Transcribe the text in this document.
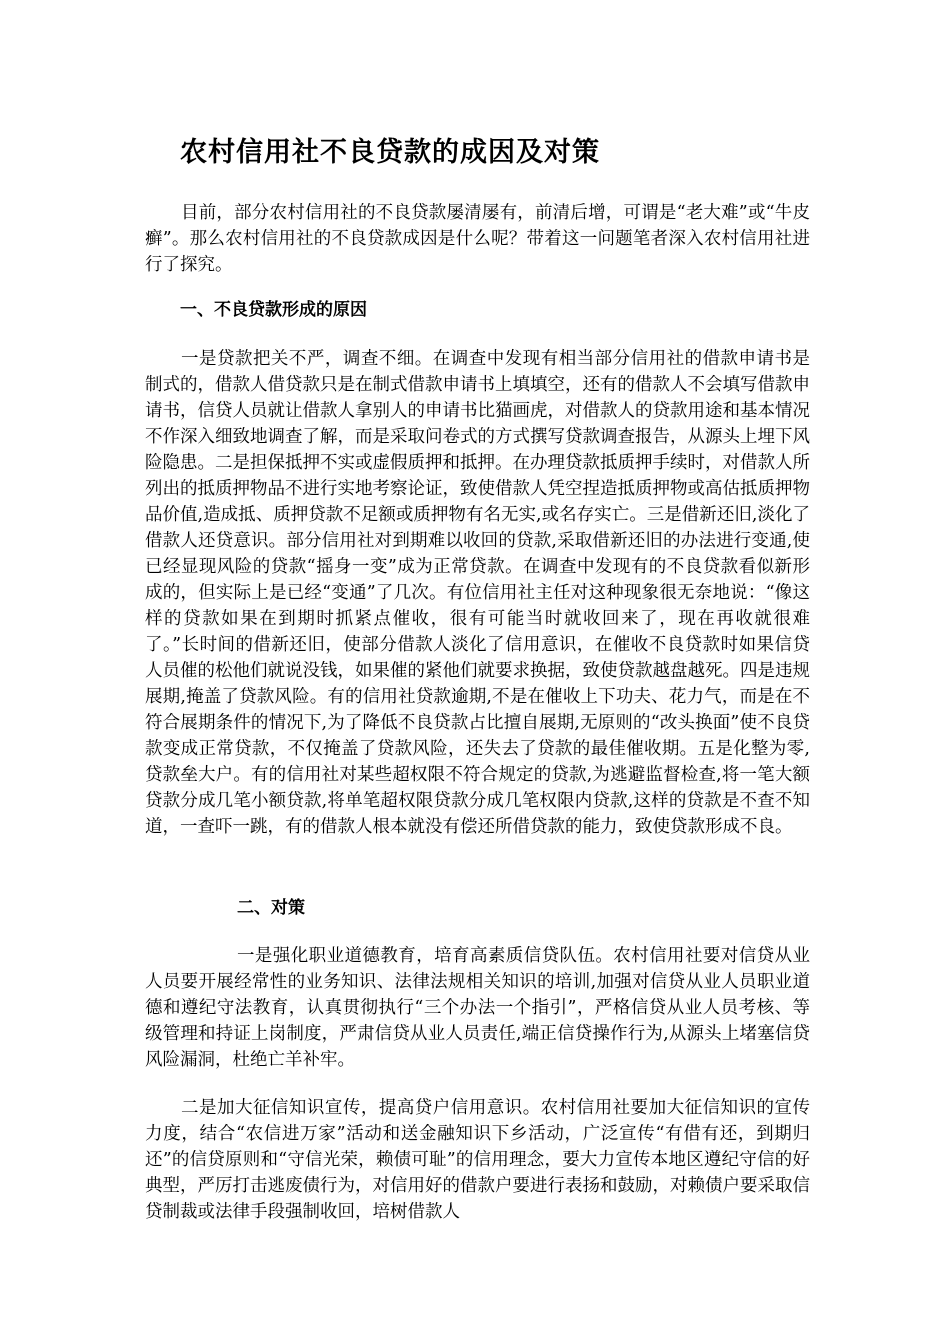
农村信用社不良贷款的成因及对策

目前，部分农村信用社的不良贷款屡清屡有，前清后增，可谓是“老大难”或“牛皮癣”。那么农村信用社的不良贷款成因是什么呢？带着这一问题笔者深入农村信用社进行了探究。

一、不良贷款形成的原因

一是贷款把关不严，调查不细。在调查中发现有相当部分信用社的借款申请书是制式的，借款人借贷款只是在制式借款申请书上填填空，还有的借款人不会填写借款申请书，信贷人员就让借款人拿别人的申请书比猫画虎，对借款人的贷款用途和基本情况不作深入细致地调查了解，而是采取问卷式的方式撰写贷款调查报告，从源头上埋下风险隐患。二是担保抵押不实或虚假质押和抵押。在办理贷款抵质押手续时，对借款人所列出的抵质押物品不进行实地考察论证，致使借款人凭空捏造抵质押物或高估抵质押物品价值,造成抵、质押贷款不足额或质押物有名无实,或名存实亡。三是借新还旧,淡化了借款人还贷意识。部分信用社对到期难以收回的贷款,采取借新还旧的办法进行变通,使已经显现风险的贷款“摇身一变”成为正常贷款。在调查中发现有的不良贷款看似新形成的，但实际上是已经“变通”了几次。有位信用社主任对这种现象很无奈地说：“像这样的贷款如果在到期时抓紧点催收，很有可能当时就收回来了，现在再收就很难了。”长时间的借新还旧，使部分借款人淡化了信用意识，在催收不良贷款时如果信贷人员催的松他们就说没钱，如果催的紧他们就要求换据，致使贷款越盘越死。四是违规展期,掩盖了贷款风险。有的信用社贷款逾期,不是在催收上下功夫、花力气，而是在不符合展期条件的情况下,为了降低不良贷款占比擅自展期,无原则的“改头换面”使不良贷款变成正常贷款，不仅掩盖了贷款风险，还失去了贷款的最佳催收期。五是化整为零,贷款垒大户。有的信用社对某些超权限不符合规定的贷款,为逃避监督检查,将一笔大额贷款分成几笔小额贷款,将单笔超权限贷款分成几笔权限内贷款,这样的贷款是不查不知道，一查吓一跳，有的借款人根本就没有偿还所借贷款的能力，致使贷款形成不良。

二、对策

一是强化职业道德教育，培育高素质信贷队伍。农村信用社要对信贷从业人员要开展经常性的业务知识、法律法规相关知识的培训,加强对信贷从业人员职业道德和遵纪守法教育，认真贯彻执行“三个办法一个指引”，严格信贷从业人员考核、等级管理和持证上岗制度，严肃信贷从业人员责任,端正信贷操作行为,从源头上堵塞信贷风险漏洞，杜绝亡羊补牢。

二是加大征信知识宣传，提高贷户信用意识。农村信用社要加大征信知识的宣传力度，结合“农信进万家”活动和送金融知识下乡活动，广泛宣传“有借有还，到期归还”的信贷原则和“守信光荣，赖债可耻”的信用理念，要大力宣传本地区遵纪守信的好典型，严厉打击逃废债行为，对信用好的借款户要进行表扬和鼓励，对赖债户要采取信贷制裁或法律手段强制收回，培树借款人
